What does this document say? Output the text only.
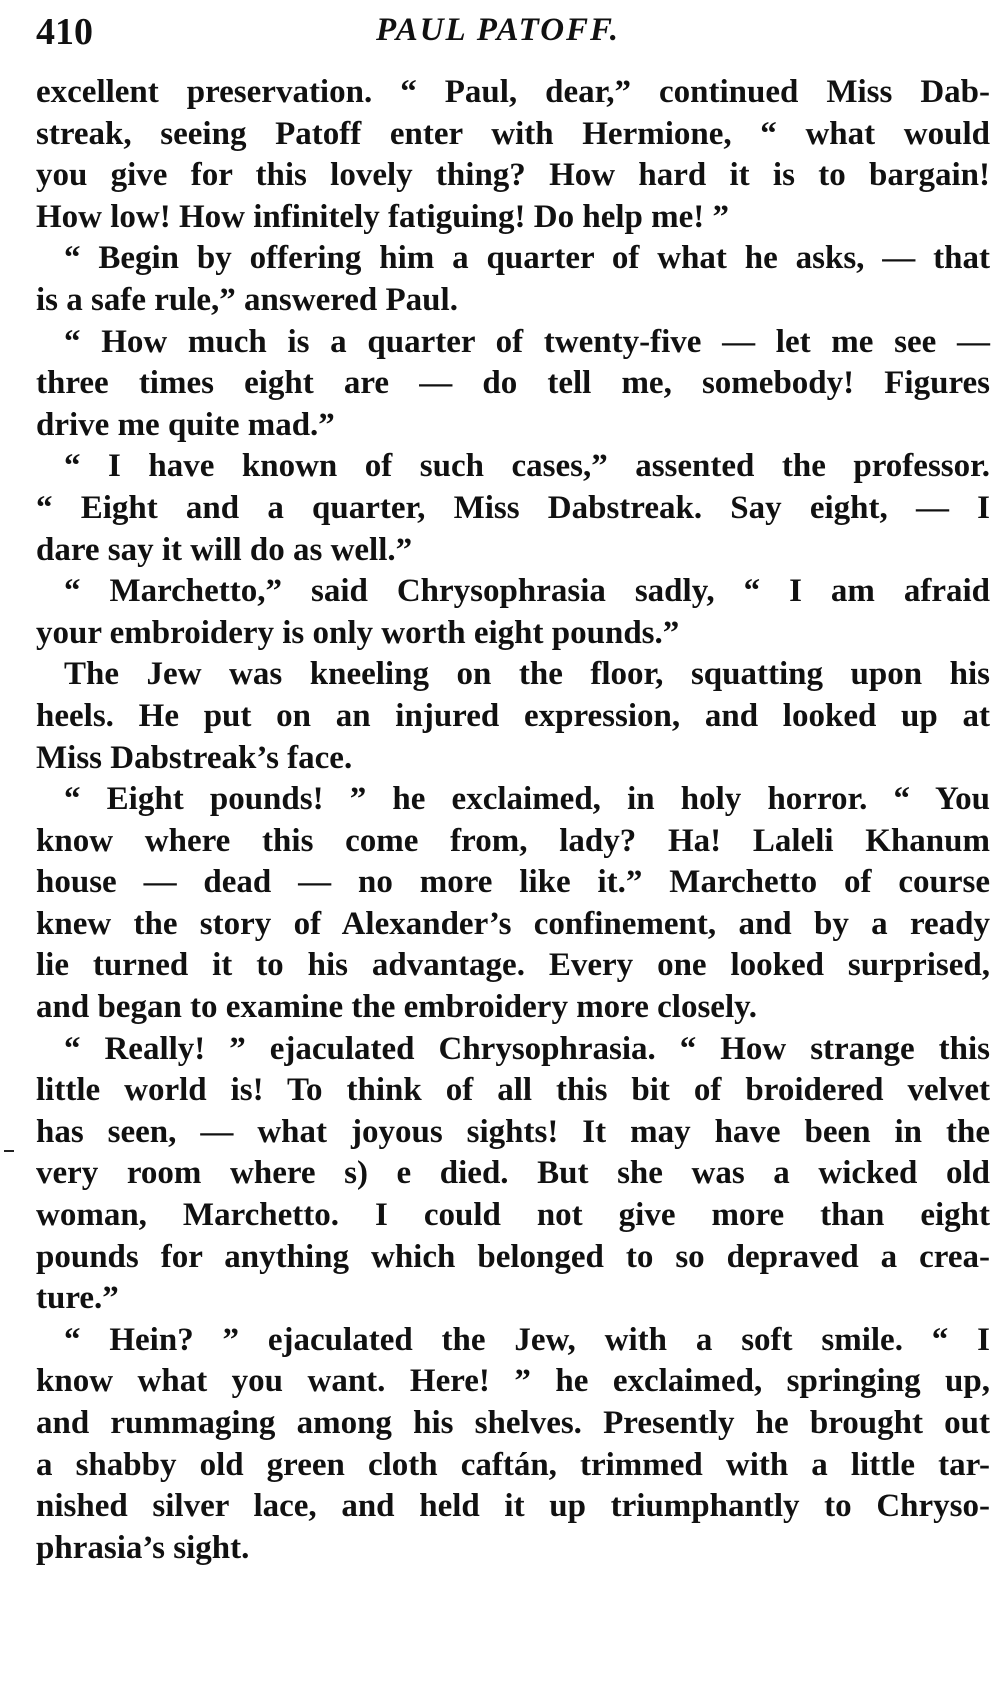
410	PAUL PATOFF.

excellent preservation. “ Paul, dear,” continued Miss Dab-
streak, seeing Patoff enter with Hermione, “ what would
you give for this lovely thing? How hard it is to bargain!
How low! How infinitely fatiguing! Do help me! ”

“ Begin by offering him a quarter of what he asks, — that
is a safe rule,” answered Paul.

“ How much is a quarter of twenty-five — let me see —
three times eight are — do tell me, somebody! Figures
drive me quite mad.”

“ I have known of such cases,” assented the professor.
“ Eight and a quarter, Miss Dabstreak. Say eight, — I
dare say it will do as well.”

“ Marchetto,” said Chrysophrasia sadly, “ I am afraid
your embroidery is only worth eight pounds.”

The Jew was kneeling on the floor, squatting upon his
heels. He put on an injured expression, and looked up at
Miss Dabstreak’s face.

“ Eight pounds! ” he exclaimed, in holy horror. “ You
know where this come from, lady? Ha! Laleli Khanum
house — dead — no more like it.” Marchetto of course
knew the story of Alexander’s confinement, and by a ready
lie turned it to his advantage. Every one looked surprised,
and began to examine the embroidery more closely.

“ Really! ” ejaculated Chrysophrasia. “ How strange this
little world is! To think of all this bit of broidered velvet
has seen, — what joyous sights! It may have been in the
very room where s) e died. But she was a wicked old
woman, Marchetto. I could not give more than eight
pounds for anything which belonged to so depraved a crea-
ture.”

“ Hein? ” ejaculated the Jew, with a soft smile. “ I
know what you want. Here! ” he exclaimed, springing up,
and rummaging among his shelves. Presently he brought out
a shabby old green cloth caftán, trimmed with a little tar-
nished silver lace, and held it up triumphantly to Chryso-
phrasia’s sight.
